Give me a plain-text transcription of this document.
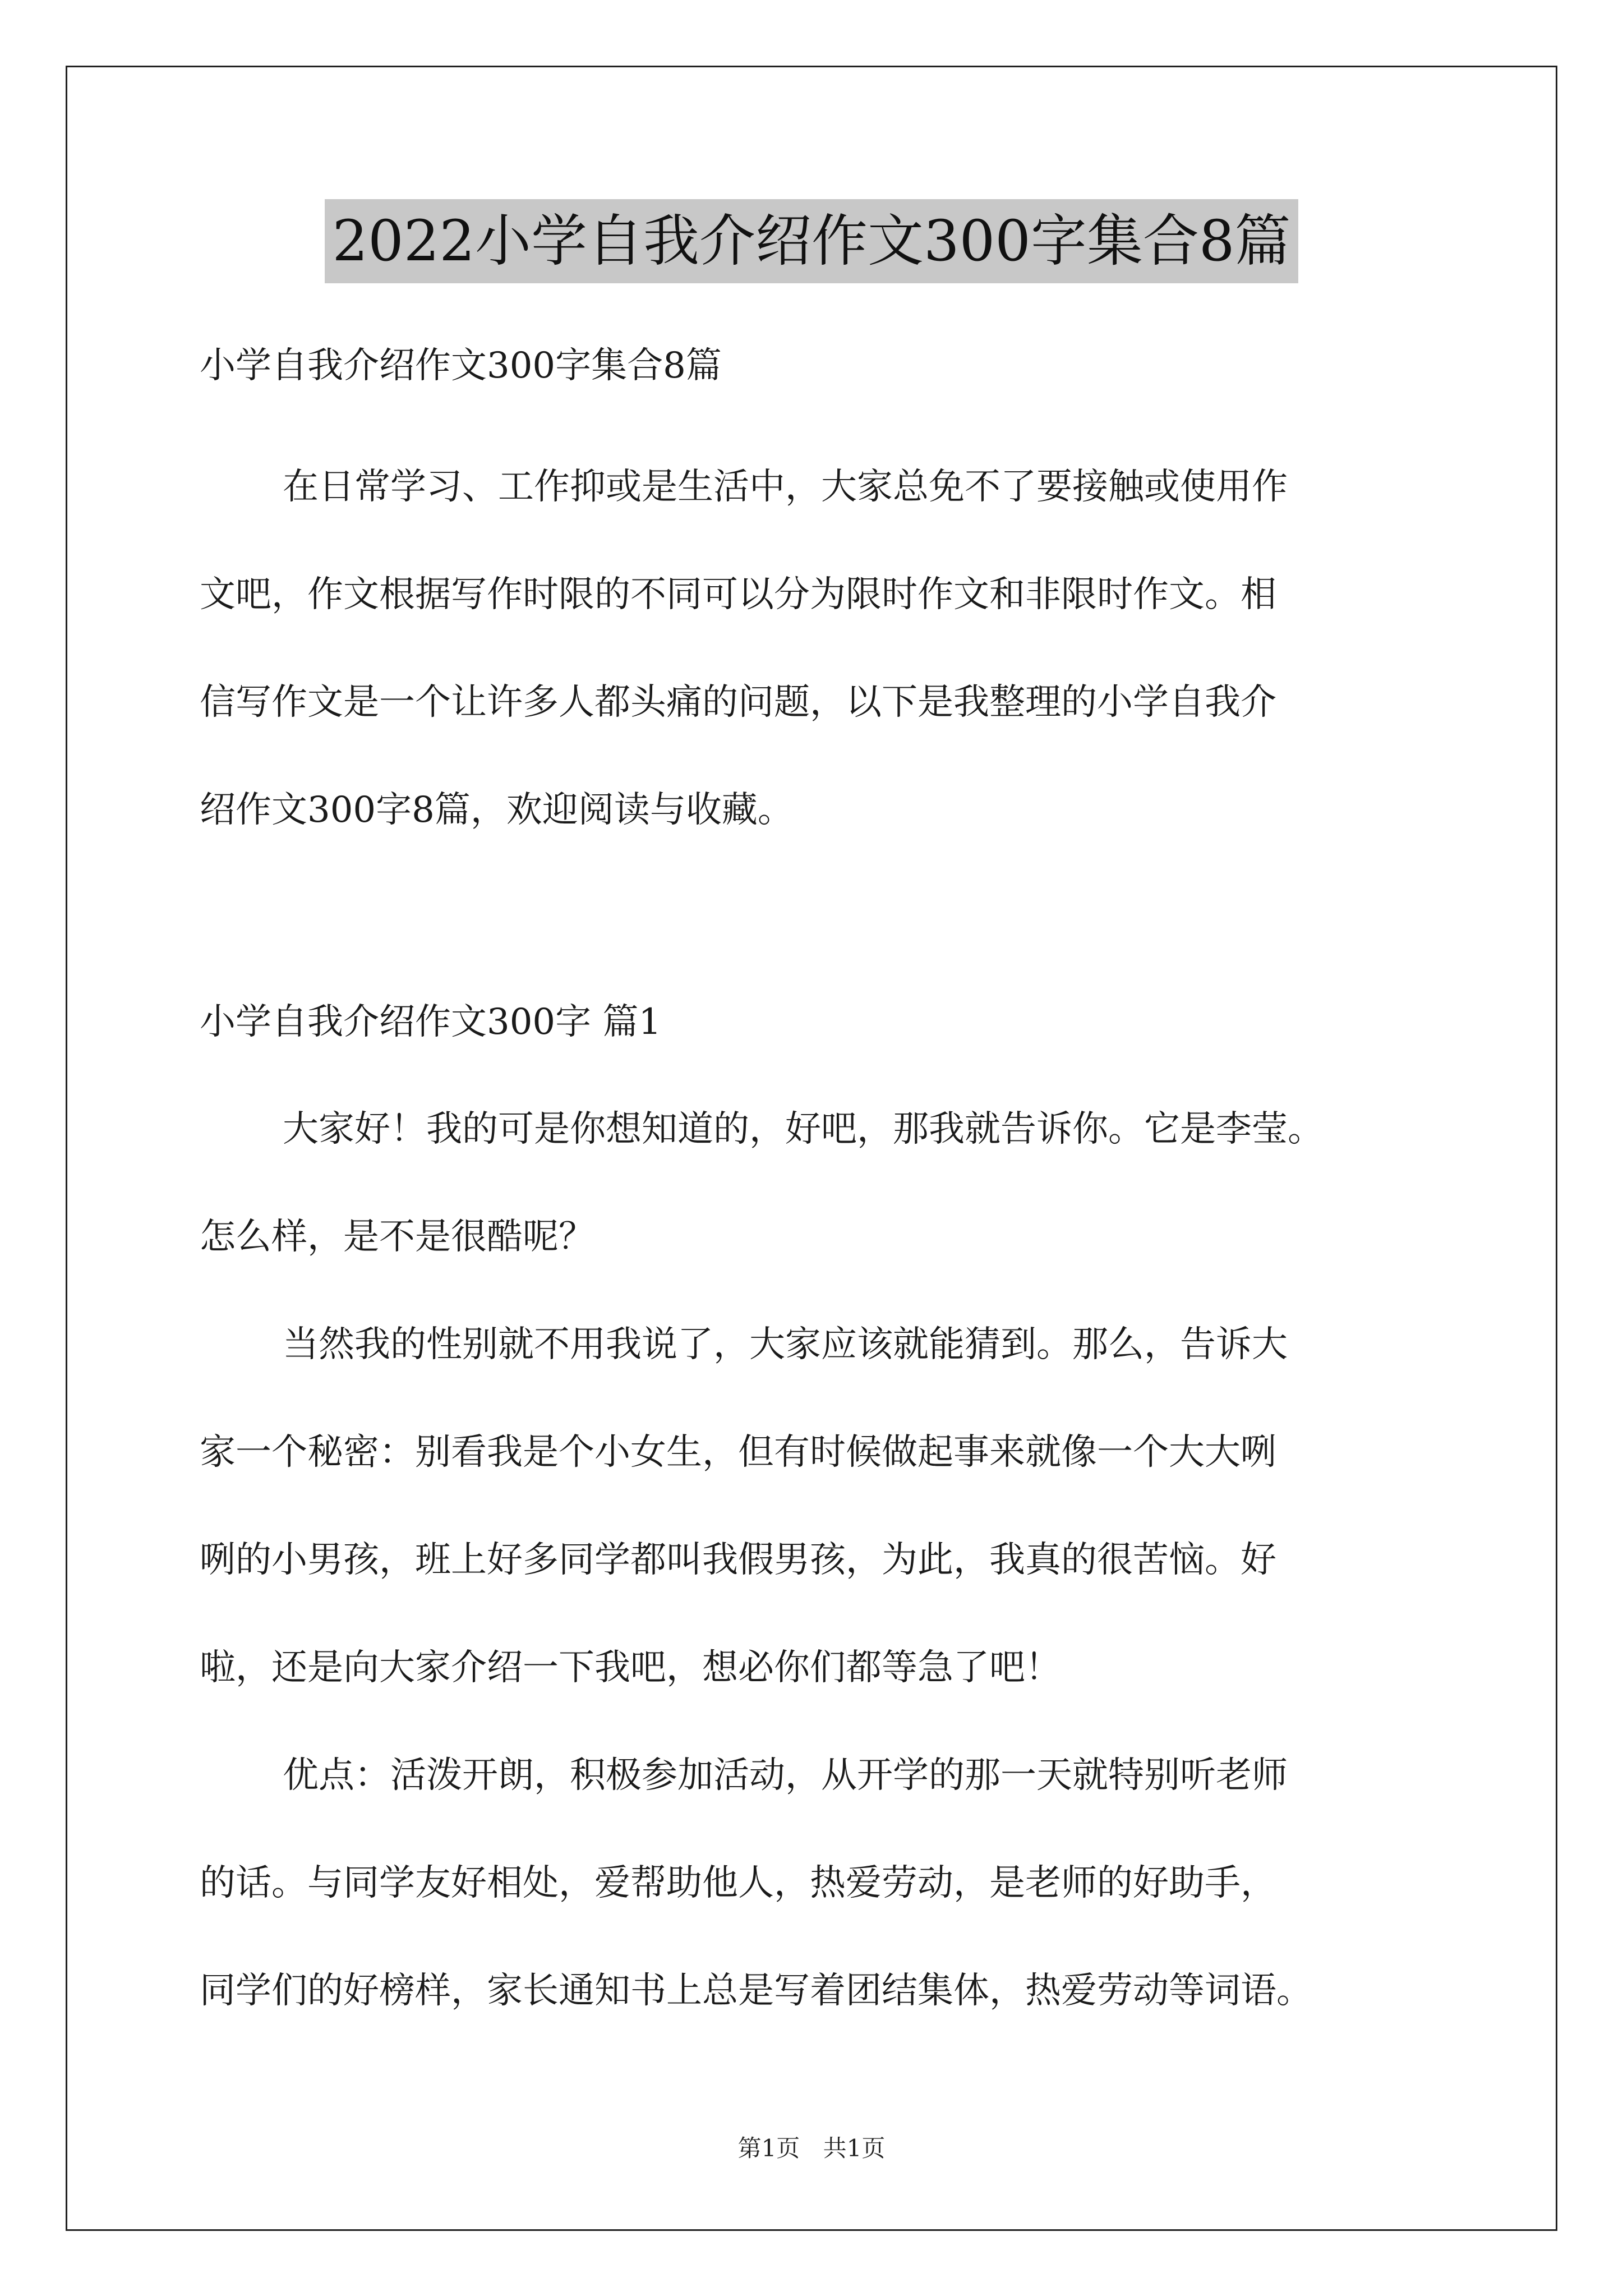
2022小学自我介绍作文300字集合8篇
小学自我介绍作文300字集合8篇
在日常学习、工作抑或是生活中，大家总免不了要接触或使用作
文吧，作文根据写作时限的不同可以分为限时作文和非限时作文。相
信写作文是一个让许多人都头痛的问题，以下是我整理的小学自我介
绍作文300字8篇，欢迎阅读与收藏。
小学自我介绍作文300字 篇1
大家好！我的可是你想知道的，好吧，那我就告诉你。它是李莹。
怎么样，是不是很酷呢？
当然我的性别就不用我说了，大家应该就能猜到。那么，告诉大
家一个秘密：别看我是个小女生，但有时候做起事来就像一个大大咧
咧的小男孩，班上好多同学都叫我假男孩，为此，我真的很苦恼。好
啦，还是向大家介绍一下我吧，想必你们都等急了吧！
优点：活泼开朗，积极参加活动，从开学的那一天就特别听老师
的话。与同学友好相处，爱帮助他人，热爱劳动，是老师的好助手，
同学们的好榜样，家长通知书上总是写着团结集体，热爱劳动等词语。
第1页 共1页
